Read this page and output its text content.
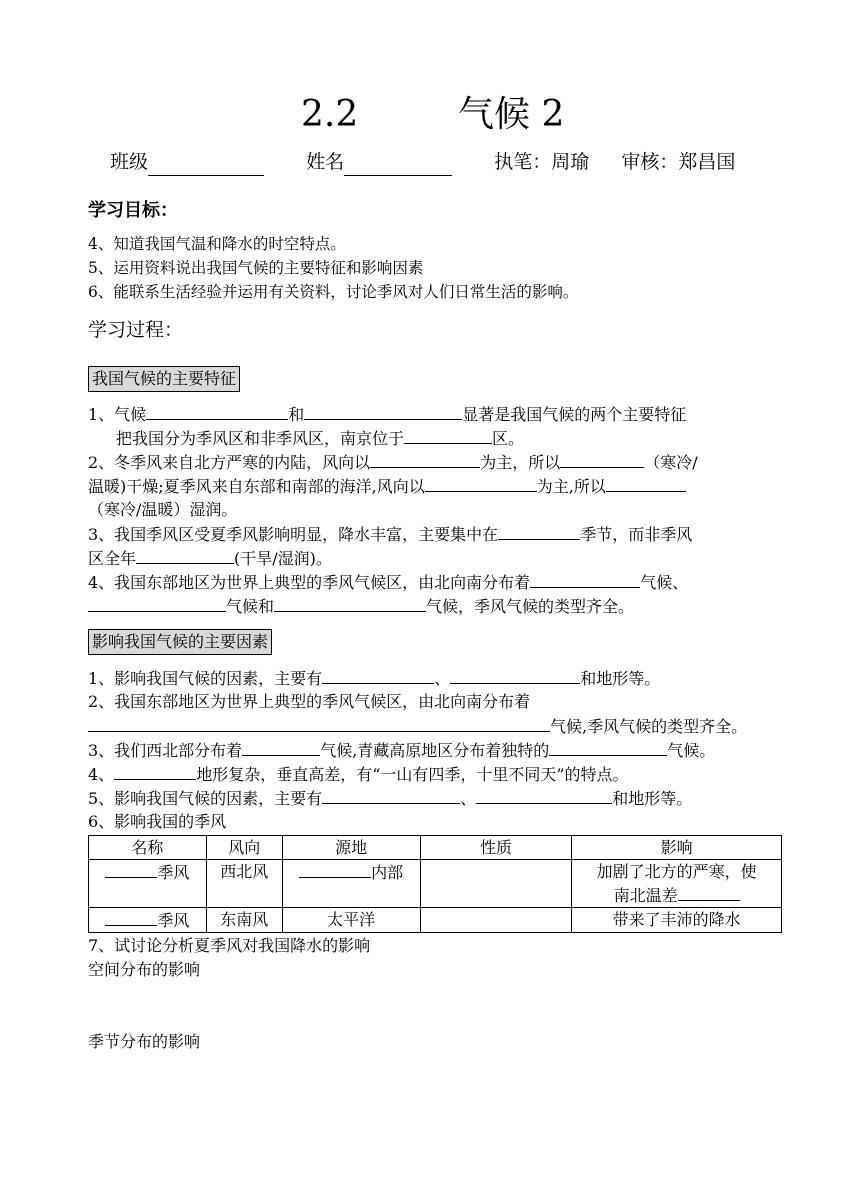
2.2	气候 2
班级	姓名	执笔：周瑜 审核：郑昌国
学习目标：
4、知道我国气温和降水的时空特点。
5、运用资料说出我国气候的主要特征和影响因素
6、能联系生活经验并运用有关资料，讨论季风对人们日常生活的影响。
学习过程：
我国气候的主要特征
1、气候	和	显著是我国气候的两个主要特征
把我国分为季风区和非季风区，南京位于	区。
2、冬季风来自北方严寒的内陆，风向以	为主，所以	（寒冷/
温暖)干燥;夏季风来自东部和南部的海洋,风向以	为主,所以
（寒冷/温暖）湿润。
3、我国季风区受夏季风影响明显，降水丰富，主要集中在	季节，而非季风
区全年	(干旱/湿润)。
4、我国东部地区为世界上典型的季风气候区，由北向南分布着	气候、
气候和	气候，季风气候的类型齐全。
影响我国气候的主要因素
1、影响我国气候的因素，主要有	、	和地形等。
2、我国东部地区为世界上典型的季风气候区，由北向南分布着
气候,季风气候的类型齐全。
3、我们西北部分布着	气候,青藏高原地区分布着独特的	气候。
4、	地形复杂，垂直高差，有“一山有四季，十里不同天”的特点。
5、影响我国气候的因素，主要有	、	和地形等。
6、影响我国的季风
名称	风向	源地	性质	影响
季风	西北风	内部		加剧了北方的严寒，使
南北温差

季风	东南风	太平洋		带来了丰沛的降水
7、试讨论分析夏季风对我国降水的影响
空间分布的影响
季节分布的影响
